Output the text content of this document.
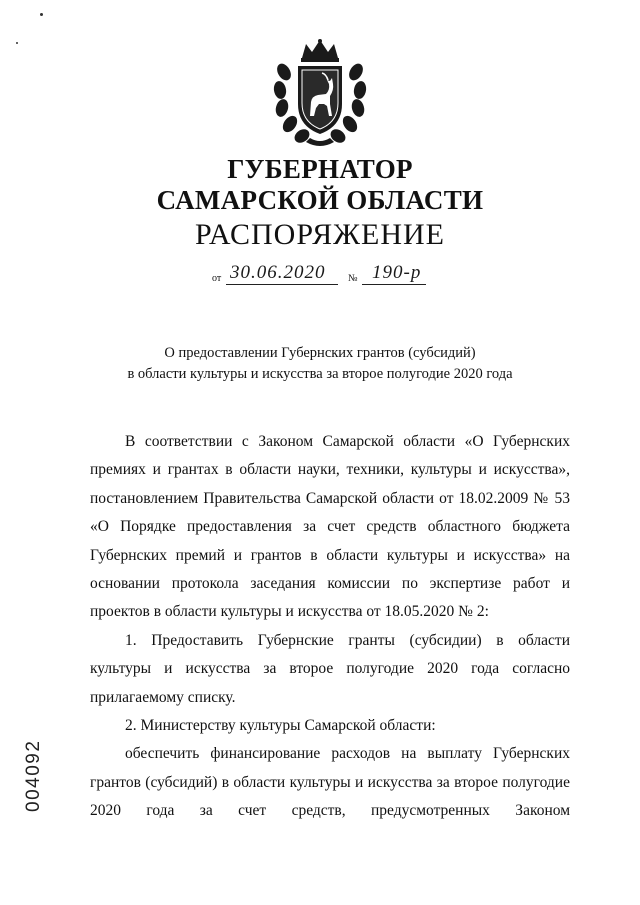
ГУБЕРНАТОР
САМАРСКОЙ ОБЛАСТИ
РАСПОРЯЖЕНИЕ
от 30.06.2020 № 190-р
О предоставлении Губернских грантов (субсидий)
в области культуры и искусства за второе полугодие 2020 года

В соответствии с Законом Самарской области «О Губернских премиях и грантах в области науки, техники, культуры и искусства», постановлением Правительства Самарской области от 18.02.2009 № 53 «О Порядке предоставления за счет средств областного бюджета Губернских премий и грантов в области культуры и искусства» на основании протокола заседания комиссии по экспертизе работ и проектов в области культуры и искусства от 18.05.2020 № 2:

1. Предоставить Губернские гранты (субсидии) в области культуры и искусства за второе полугодие 2020 года согласно прилагаемому списку.

2. Министерству культуры Самарской области:

обеспечить финансирование расходов на выплату Губернских грантов (субсидий) в области культуры и искусства за второе полугодие 2020 года за счет средств, предусмотренных Законом

004092
